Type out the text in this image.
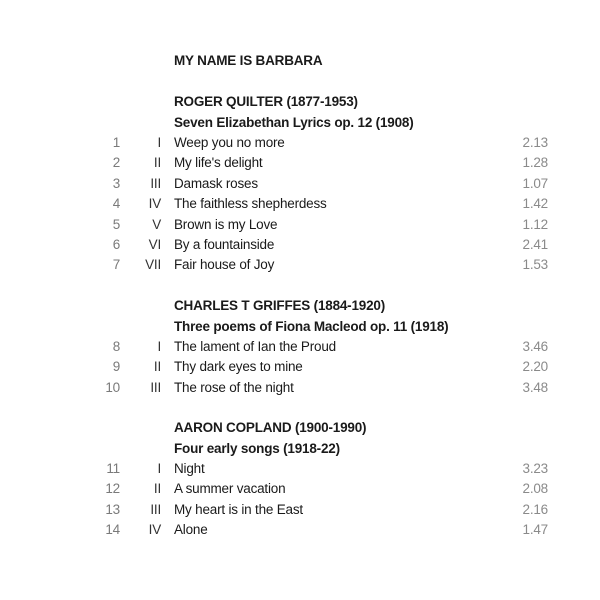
MY NAME IS BARBARA
ROGER QUILTER (1877-1953)
Seven Elizabethan Lyrics op. 12 (1908)
1	I Weep you no more	2.13
2	II My life's delight	1.28
3 III Damask roses	1.07
4 IV The faithless shepherdess	1.42
5 V Brown is my Love	1.12
6 VI By a fountainside	2.41
7 VII Fair house of Joy	1.53
CHARLES T GRIFFES (1884-1920)
Three poems of Fiona Macleod op. 11 (1918)
8	I The lament of Ian the Proud	3.46
9	II Thy dark eyes to mine	2.20
10 III The rose of the night	3.48
AARON COPLAND (1900-1990)
Four early songs (1918-22)
11	I Night	3.23
12	II A summer vacation	2.08
13 III My heart is in the East	2.16
14 IV Alone	1.47
